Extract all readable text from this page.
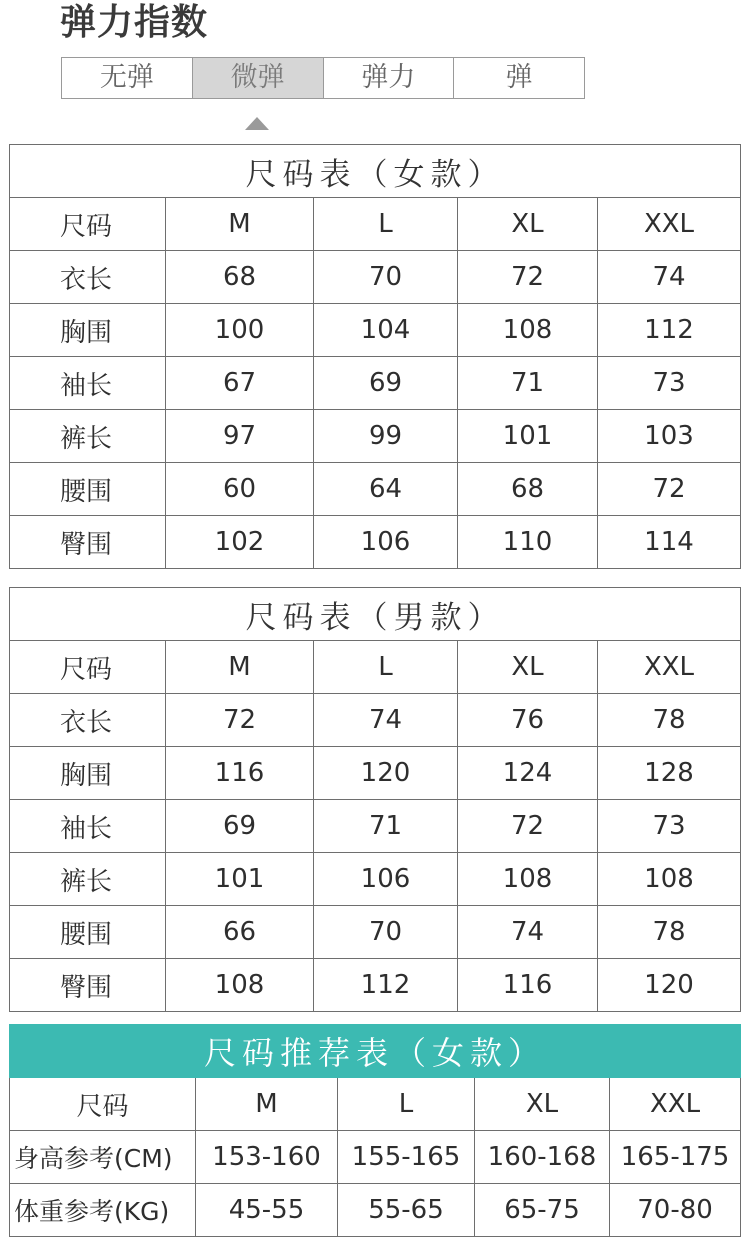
弹力指数
无弹	微弹	弹力	弹
尺码表（女款）				
尺码	M	L	XL	XXL
衣长	68	70	72	74
胸围	100	104	108	112
袖长	67	69	71	73
裤长	97	99	101	103
腰围	60	64	68	72
臀围	102	106	110	114
尺码表（男款）				
尺码	M	L	XL	XXL
衣长	72	74	76	78
胸围	116	120	124	128
袖长	69	71	72	73
裤长	101	106	108	108
腰围	66	70	74	78
臀围	108	112	116	120
尺码推荐表（女款）				
尺码	M	L	XL	XXL
身高参考(CM)	153-160	155-165	160-168	165-175
体重参考(KG)	45-55	55-65	65-75	70-80
